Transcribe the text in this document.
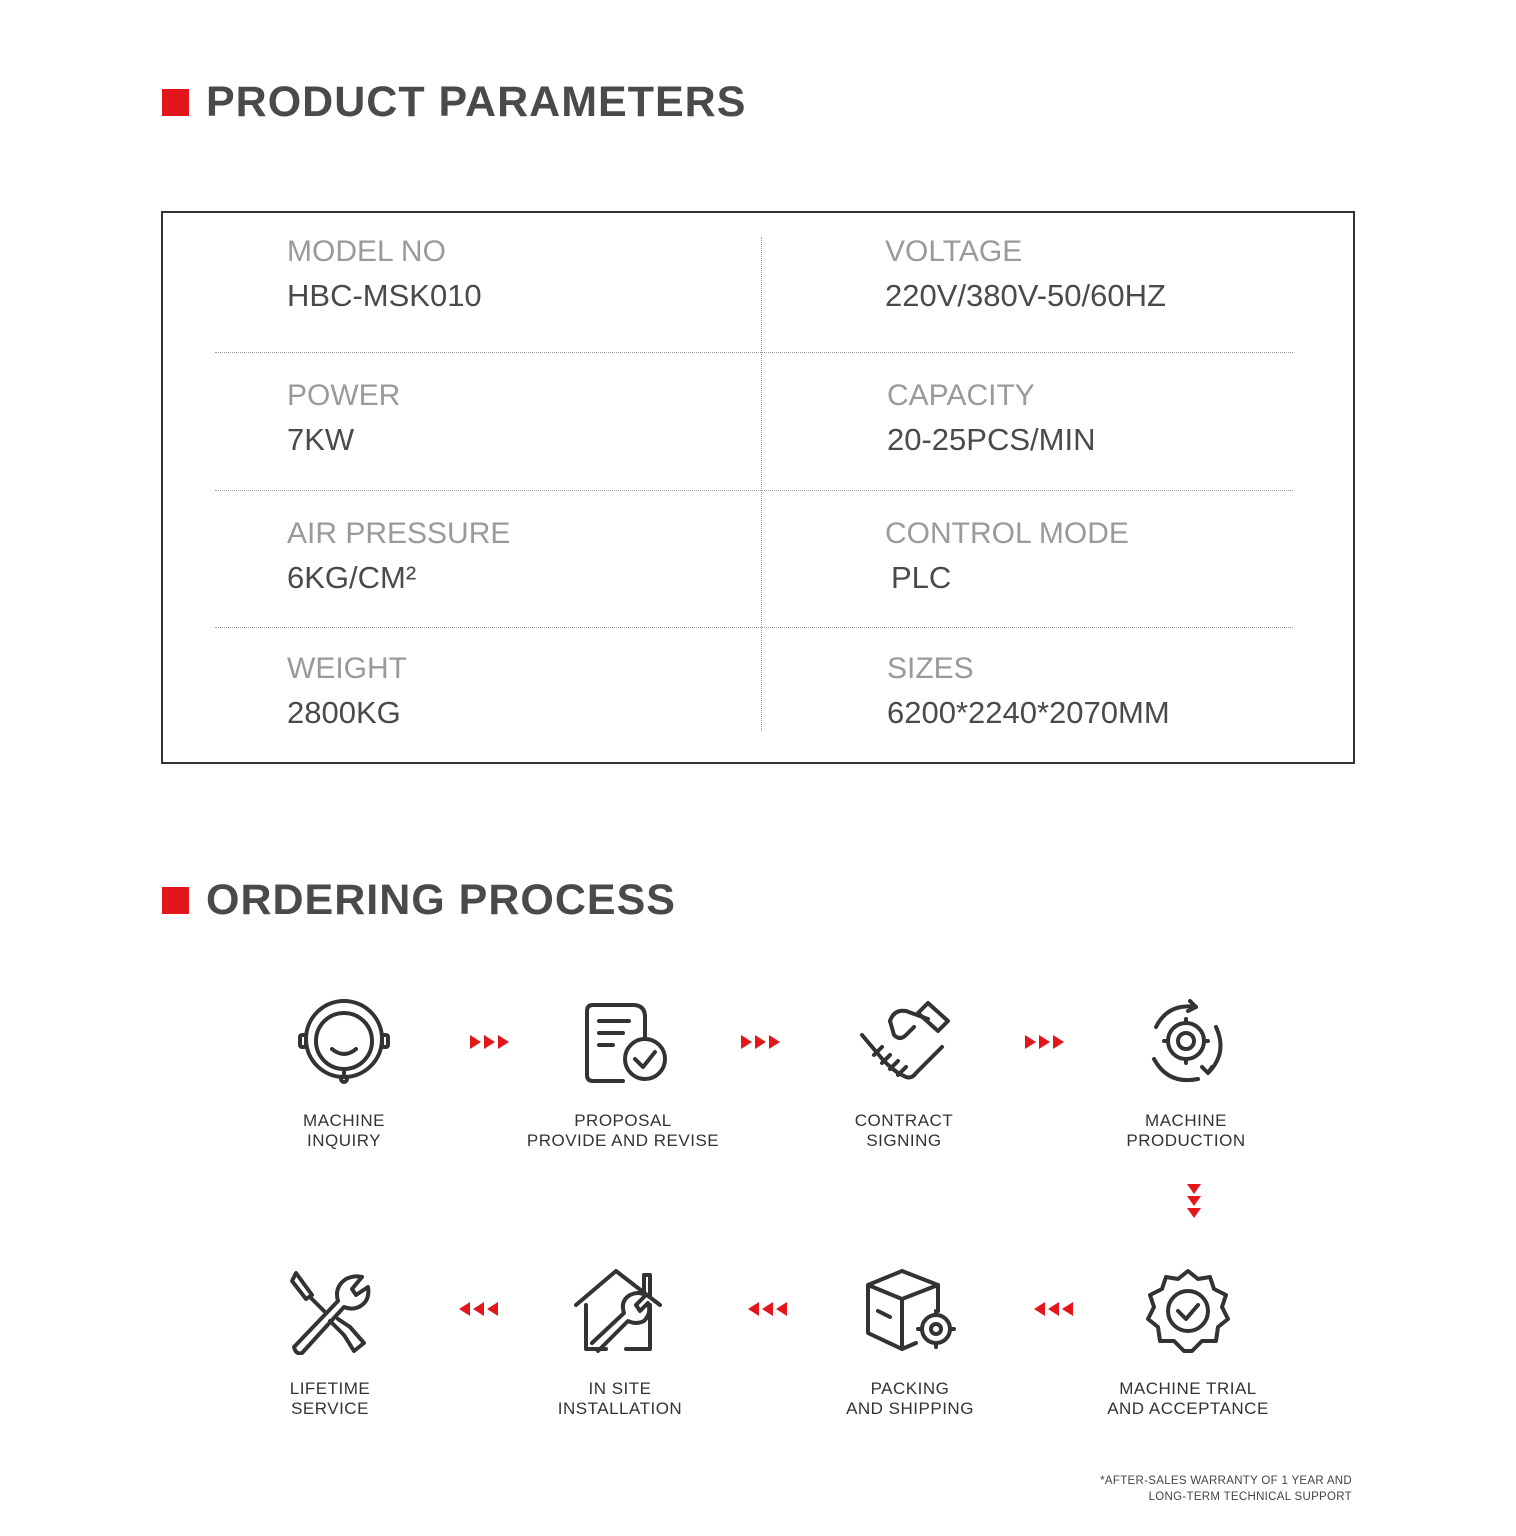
PRODUCT PARAMETERS
MODEL NO
HBC-MSK010
VOLTAGE
220V/380V-50/60HZ
POWER
7KW
CAPACITY
20-25PCS/MIN
AIR PRESSURE
6KG/CM²
CONTROL MODE
PLC
WEIGHT
2800KG
SIZES
6200*2240*2070MM
ORDERING PROCESS
MACHINE
INQUIRY
PROPOSAL
PROVIDE AND REVISE
CONTRACT
SIGNING
MACHINE
PRODUCTION
MACHINE TRIAL
AND ACCEPTANCE
PACKING
AND SHIPPING
IN SITE
INSTALLATION
LIFETIME
SERVICE
*AFTER-SALES WARRANTY OF 1 YEAR AND
LONG-TERM TECHNICAL SUPPORT
